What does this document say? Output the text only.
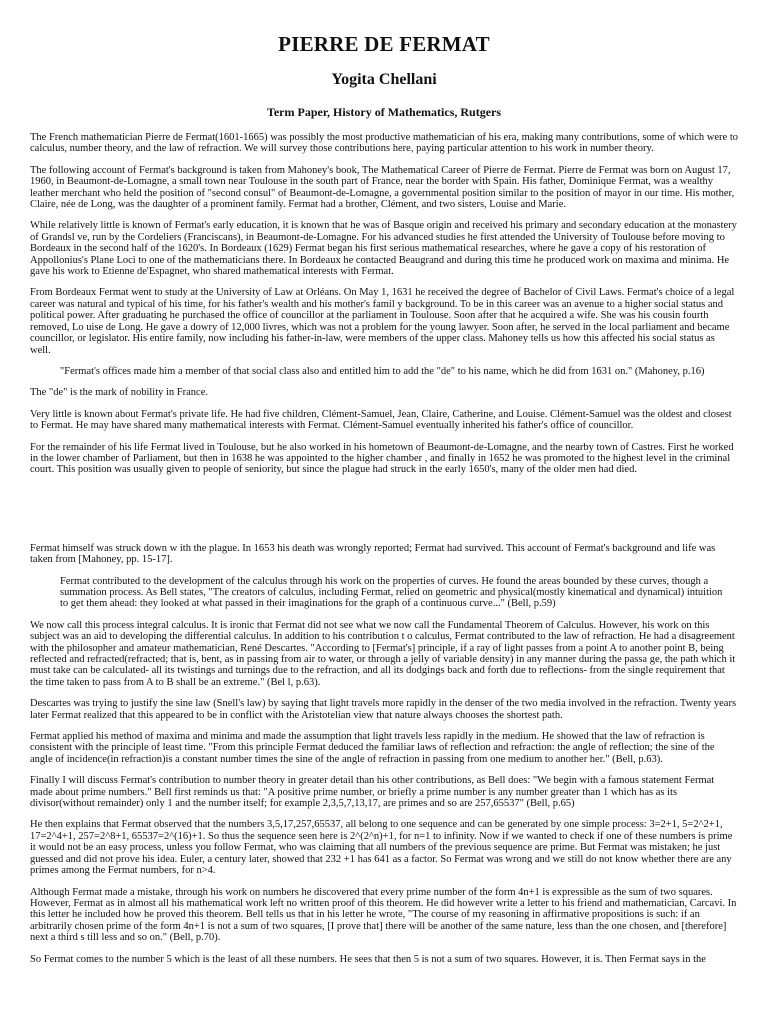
PIERRE DE FERMAT
Yogita Chellani
Term Paper, History of Mathematics, Rutgers

The French mathematician Pierre de Fermat(1601-1665) was possibly the most productive mathematician of his era, making many contributions, some of which were to calculus, number theory, and the law of refraction. We will survey those contributions here, paying particular attention to his work in number theory.

The following account of Fermat's background is taken from Mahoney's book, The Mathematical Career of Pierre de Fermat. Pierre de Fermat was born on August 17, 1960, in Beaumont-de-Lomagne, a small town near Toulouse in the south part of France, near the border with Spain. His father, Dominique Fermat, was a wealthy leather merchant who held the position of "second consul" of Beaumont-de-Lomagne, a governmental position similar to the position of mayor in our time. His mother, Claire, née de Long, was the daughter of a prominent family. Fermat had a brother, Clément, and two sisters, Louise and Marie.

While relatively little is known of Fermat's early education, it is known that he was of Basque origin and received his primary and secondary education at the monastery of Grandsl ve, run by the Cordeliers (Franciscans), in Beaumont-de-Lomagne. For his advanced studies he first attended the University of Toulouse before moving to Bordeaux in the second half of the 1620's. In Bordeaux (1629) Fermat began his first serious mathematical researches, where he gave a copy of his restoration of Appollonius's Plane Loci to one of the mathematicians there. In Bordeaux he contacted Beaugrand and during this time he produced work on maxima and minima. He gave his work to Etienne de'Espagnet, who shared mathematical interests with Fermat.

From Bordeaux Fermat went to study at the University of Law at Orléans. On May 1, 1631 he received the degree of Bachelor of Civil Laws. Fermat's choice of a legal career was natural and typical of his time, for his father's wealth and his mother's famil y background. To be in this career was an avenue to a higher social status and political power. After graduating he purchased the office of councillor at the parliament in Toulouse. Soon after that he acquired a wife. She was his cousin fourth removed, Lo uise de Long. He gave a dowry of 12,000 livres, which was not a problem for the young lawyer. Soon after, he served in the local parliament and became councillor, or legislator. His entire family, now including his father-in-law, were members of the upper class. Mahoney tells us how this affected his social status as well.

"Fermat's offices made him a member of that social class also and entitled him to add the "de" to his name, which he did from 1631 on." (Mahoney, p.16)

The "de" is the mark of nobility in France.

Very little is known about Fermat's private life. He had five children, Clément-Samuel, Jean, Claire, Catherine, and Louise. Clément-Samuel was the oldest and closest to Fermat. He may have shared many mathematical interests with Fermat. Clément-Samuel eventually inherited his father's office of councillor.

For the remainder of his life Fermat lived in Toulouse, but he also worked in his hometown of Beaumont-de-Lomagne, and the nearby town of Castres. First he worked in the lower chamber of Parliament, but then in 1638 he was appointed to the higher chamber , and finally in 1652 he was promoted to the highest level in the criminal court. This position was usually given to people of seniority, but since the plague had struck in the early 1650's, many of the older men had died.

Fermat himself was struck down w ith the plague. In 1653 his death was wrongly reported; Fermat had survived. This account of Fermat's background and life was taken from [Mahoney, pp. 15-17].

Fermat contributed to the development of the calculus through his work on the properties of curves. He found the areas bounded by these curves, though a summation process. As Bell states, "The creators of calculus, including Fermat, relied on geometric and physical(mostly kinematical and dynamical) intuition to get them ahead: they looked at what passed in their imaginations for the graph of a continuous curve..." (Bell, p.59)

We now call this process integral calculus. It is ironic that Fermat did not see what we now call the Fundamental Theorem of Calculus. However, his work on this subject was an aid to developing the differential calculus. In addition to his contribution t o calculus, Fermat contributed to the law of refraction. He had a disagreement with the philosopher and amateur mathematician, René Descartes. "According to [Fermat's] principle, if a ray of light passes from a point A to another point B, being reflected and refracted(refracted; that is, bent, as in passing from air to water, or through a jelly of variable density) in any manner during the passa ge, the path which it must take can be calculated- all its twistings and turnings due to the refraction, and all its dodgings back and forth due to reflections- from the single requirement that the time taken to pass from A to B shall be an extreme." (Bel l, p.63).

Descartes was trying to justify the sine law (Snell's law) by saying that light travels more rapidly in the denser of the two media involved in the refraction. Twenty years later Fermat realized that this appeared to be in conflict with the Aristotelian view that nature always chooses the shortest path.

Fermat applied his method of maxima and minima and made the assumption that light travels less rapidly in the medium. He showed that the law of refraction is consistent with the principle of least time. "From this principle Fermat deduced the familiar laws of reflection and refraction: the angle of reflection; the sine of the angle of incidence(in refraction)is a constant number times the sine of the angle of refraction in passing from one medium to another her." (Bell, p.63).

Finally I will discuss Fermat's contribution to number theory in greater detail than his other contributions, as Bell does: "We begin with a famous statement Fermat made about prime numbers." Bell first reminds us that: "A positive prime number, or briefly a prime number is any number greater than 1 which has as its divisor(without remainder) only 1 and the number itself; for example 2,3,5,7,13,17, are primes and so are 257,65537" (Bell, p.65)

He then explains that Fermat observed that the numbers 3,5,17,257,65537, all belong to one sequence and can be generated by one simple process: 3=2+1, 5=2^2+1, 17=2^4+1, 257=2^8+1, 65537=2^(16)+1. So thus the sequence seen here is 2^(2^n)+1, for n=1 to infinity. Now if we wanted to check if one of these numbers is prime it would not be an easy process, unless you follow Fermat, who was claiming that all numbers of the previous sequence are prime. But Fermat was mistaken; he just guessed and did not prove his idea. Euler, a century later, showed that 232 +1 has 641 as a factor. So Fermat was wrong and we still do not know whether there are any primes among the Fermat numbers, for n>4.

Although Fermat made a mistake, through his work on numbers he discovered that every prime number of the form 4n+1 is expressible as the sum of two squares. However, Fermat as in almost all his mathematical work left no written proof of this theorem. He did however write a letter to his friend and mathematician, Carcavi. In this letter he included how he proved this theorem. Bell tells us that in his letter he wrote, "The course of my reasoning in affirmative propositions is such: if an arbitrarily chosen prime of the form 4n+1 is not a sum of two squares, [I prove that] there will be another of the same nature, less than the one chosen, and [therefore] next a third s till less and so on." (Bell, p.70).

So Fermat comes to the number 5 which is the least of all these numbers. He sees that then 5 is not a sum of two squares. However, it is. Then Fermat says in the
